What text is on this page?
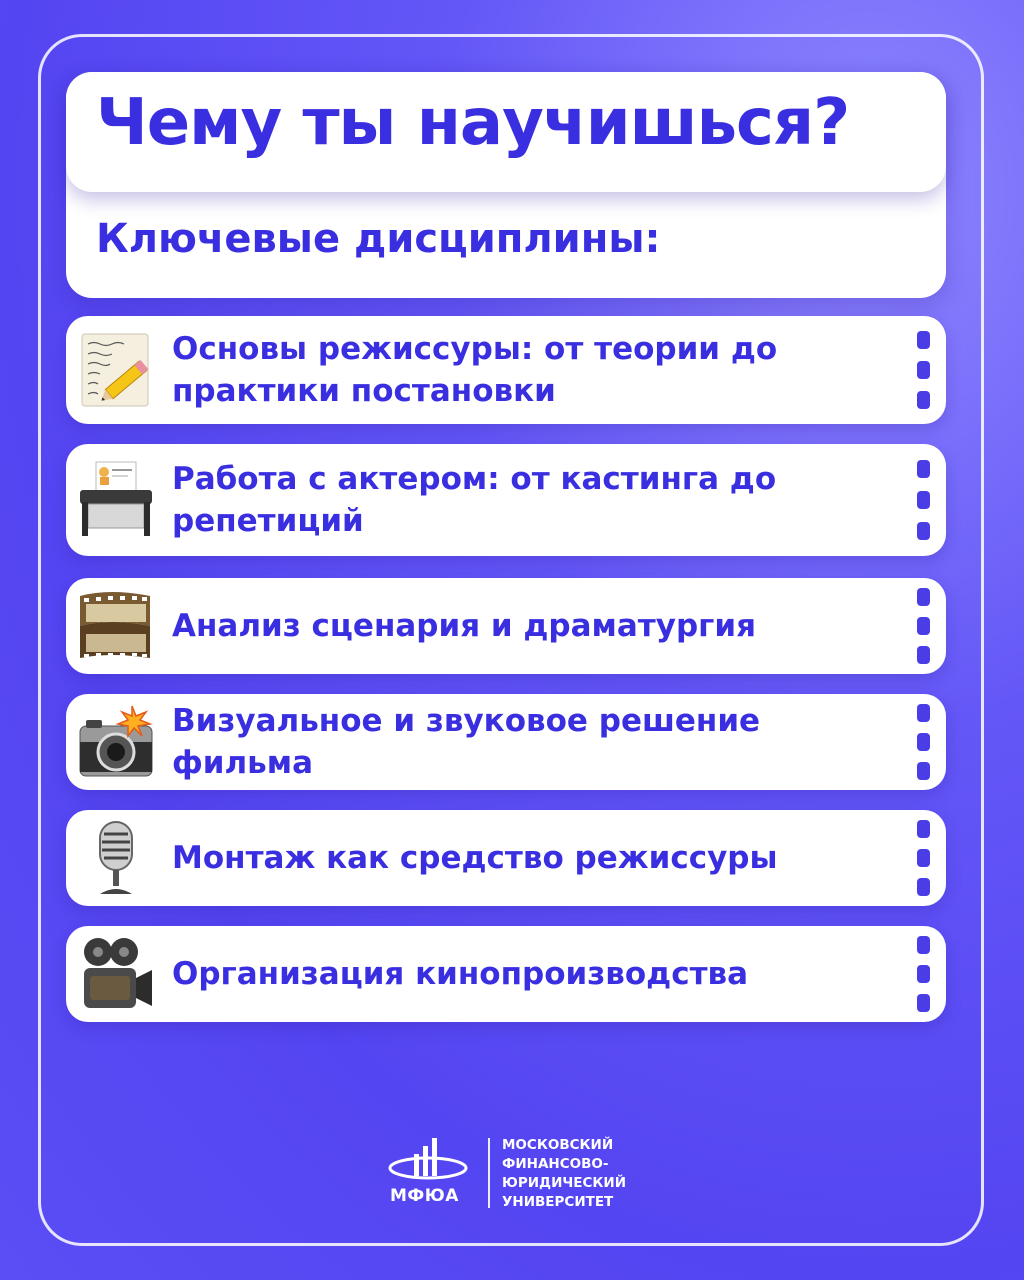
Чему ты научишься?
Ключевые дисциплины:
Основы режиссуры: от теории до практики постановки
Работа с актером: от кастинга до репетиций
Анализ сценария и драматургия
Визуальное и звуковое решение фильма
Монтаж как средство режиссуры
Организация кинопроизводства
МФЮА
МОСКОВСКИЙ
ФИНАНСОВО-
ЮРИДИЧЕСКИЙ
УНИВЕРСИТЕТ
